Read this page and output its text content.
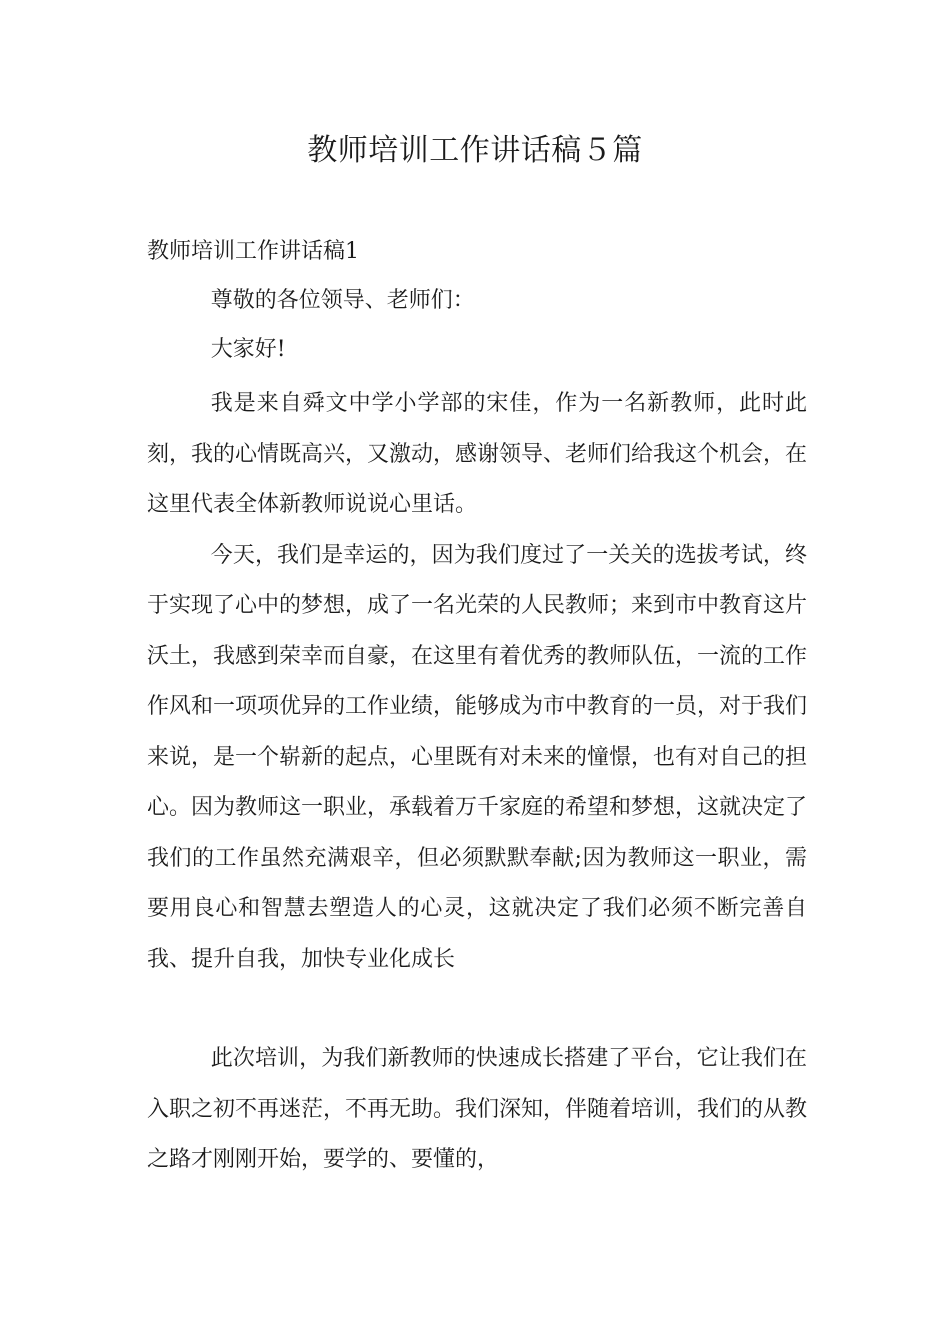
教师培训工作讲话稿５篇
教师培训工作讲话稿1
尊敬的各位领导、老师们：
大家好!

我是来自舜文中学小学部的宋佳，作为一名新教师，此时此刻，我的心情既高兴，又激动，感谢领导、老师们给我这个机会，在这里代表全体新教师说说心里话。

今天，我们是幸运的，因为我们度过了一关关的选拔考试，终于实现了心中的梦想，成了一名光荣的人民教师；来到市中教育这片沃土，我感到荣幸而自豪，在这里有着优秀的教师队伍，一流的工作作风和一项项优异的工作业绩，能够成为市中教育的一员，对于我们来说，是一个崭新的起点，心里既有对未来的憧憬，也有对自己的担心。因为教师这一职业，承载着万千家庭的希望和梦想，这就决定了我们的工作虽然充满艰辛，但必须默默奉献;因为教师这一职业，需要用良心和智慧去塑造人的心灵，这就决定了我们必须不断完善自我、提升自我，加快专业化成长

此次培训，为我们新教师的快速成长搭建了平台，它让我们在入职之初不再迷茫，不再无助。我们深知，伴随着培训，我们的从教之路才刚刚开始，要学的、要懂的，
